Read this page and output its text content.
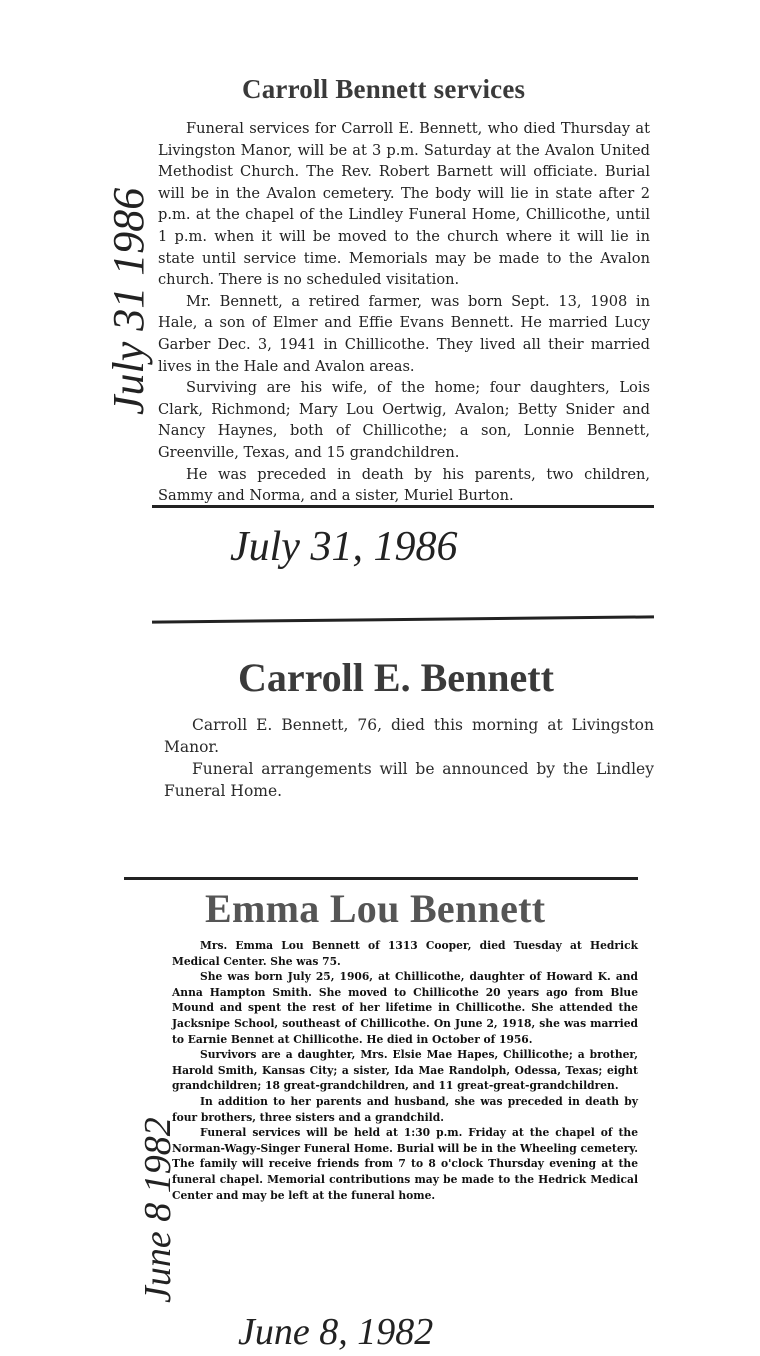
Carroll Bennett services

Funeral services for Carroll E. Bennett, who died Thursday at Livingston Manor, will be at 3 p.m. Saturday at the Avalon United Methodist Church. The Rev. Robert Barnett will officiate. Burial will be in the Avalon cemetery. The body will lie in state after 2 p.m. at the chapel of the Lindley Funeral Home, Chillicothe, until 1 p.m. when it will be moved to the church where it will lie in state until service time. Memorials may be made to the Avalon church. There is no scheduled visitation.

Mr. Bennett, a retired farmer, was born Sept. 13, 1908 in Hale, a son of Elmer and Effie Evans Bennett. He married Lucy Garber Dec. 3, 1941 in Chillicothe. They lived all their married lives in the Hale and Avalon areas.

Surviving are his wife, of the home; four daughters, Lois Clark, Richmond; Mary Lou Oertwig, Avalon; Betty Snider and Nancy Haynes, both of Chillicothe; a son, Lonnie Bennett, Greenville, Texas, and 15 grandchildren.

He was preceded in death by his parents, two children, Sammy and Norma, and a sister, Muriel Burton.

July 31 1986
July 31, 1986
Carroll E. Bennett

Carroll E. Bennett, 76, died this morning at Livingston Manor.

Funeral arrangements will be announced by the Lindley Funeral Home.

Emma Lou Bennett

Mrs. Emma Lou Bennett of 1313 Cooper, died Tuesday at Hedrick Medical Center. She was 75.

She was born July 25, 1906, at Chillicothe, daughter of Howard K. and Anna Hampton Smith. She moved to Chillicothe 20 years ago from Blue Mound and spent the rest of her lifetime in Chillicothe. She attended the Jacksnipe School, southeast of Chillicothe. On June 2, 1918, she was married to Earnie Bennet at Chillicothe. He died in October of 1956.

Survivors are a daughter, Mrs. Elsie Mae Hapes, Chillicothe; a brother, Harold Smith, Kansas City; a sister, Ida Mae Randolph, Odessa, Texas; eight grandchildren; 18 great-grandchildren, and 11 great-great-grandchildren.

In addition to her parents and husband, she was preceded in death by four brothers, three sisters and a grandchild.

Funeral services will be held at 1:30 p.m. Friday at the chapel of the Norman-Wagy-Singer Funeral Home. Burial will be in the Wheeling cemetery. The family will receive friends from 7 to 8 o'clock Thursday evening at the funeral chapel. Memorial contributions may be made to the Hedrick Medical Center and may be left at the funeral home.

June 8 1982
June 8, 1982
